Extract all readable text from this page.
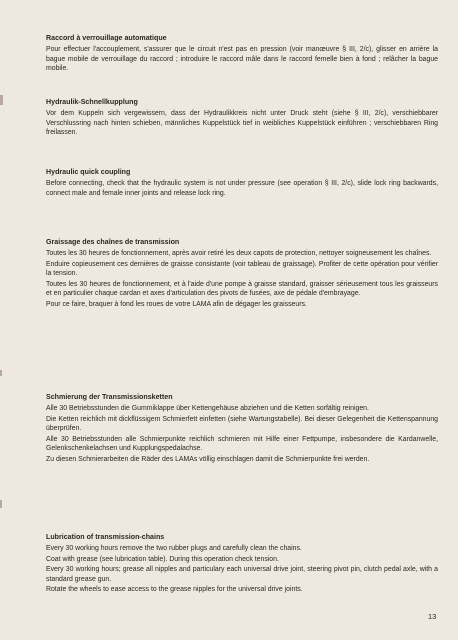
Raccord à verrouillage automatique

Pour effectuer l'accouplement, s'assurer que le circuit n'est pas en pression (voir manœuvre § III, 2/c), glisser en arrière la bague mobile de verrouillage du raccord ; introduire le raccord mâle dans le raccord femelle bien à fond ; relâcher la bague mobile.

Hydraulik-Schnellkupplung

Vor dem Kuppeln sich vergewissern, dass der Hydraulikkreis nicht unter Druck steht (siehe § III, 2/c), verschiebbarer Verschlussring nach hinten schieben, männliches Kuppelstück tief in weibliches Kuppelstück einführen ; verschiebbaren Ring freilassen.

Hydraulic quick coupling

Before connecting, check that the hydraulic system is not under pressure (see operation § III, 2/c), slide lock ring backwards, connect male and female inner joints and release lock ring.

Graissage des chaînes de transmission

Toutes les 30 heures de fonctionnement, après avoir retiré les deux capots de protection, nettoyer soigneusement les chaînes.

Enduire copieusement ces dernières de graisse consistante (voir tableau de graissage). Profiter de cette opération pour vérifier la tension.

Toutes les 30 heures de fonctionnement, et à l'aide d'une pompe à graisse standard, graisser sérieusement tous les graisseurs et en particulier chaque cardan et axes d'articulation des pivots de fusées, axe de pédale d'embrayage.

Pour ce faire, braquer à fond les roues de votre LAMA afin de dégager les graisseurs.

Schmierung der Transmissionsketten

Alle 30 Betriebsstunden die Gummiklappe über Kettengehäuse abziehen und die Ketten sorfältig reinigen.

Die Ketten reichlich mit dickflüssigem Schmierfett einfetten (siehe Wartungstabelle). Bei dieser Gelegenheit die Kettenspannung überprüfen.

Alle 30 Betriebsstunden alle Schmierpunkte reichlich schmieren mit Hilfe einer Fettpumpe, insbesondere die Kardanwelle, Gelenkschenkelachsen und Kupplungspedalachse.

Zu diesen Schmierarbeiten die Räder des LAMAs völlig einschlagen damit die Schmierpunkte frei werden.

Lubrication of transmission-chains

Every 30 working hours remove the two rubber plugs and carefully clean the chains.

Coat with grease (see lubrication table). During this operation check tension.

Every 30 working hours; grease all nipples and particulary each universal drive joint, steering pivot pin, clutch pedal axle, with a standard grease gun.

Rotate the wheels to ease access to the grease nipples for the universal drive joints.

13
